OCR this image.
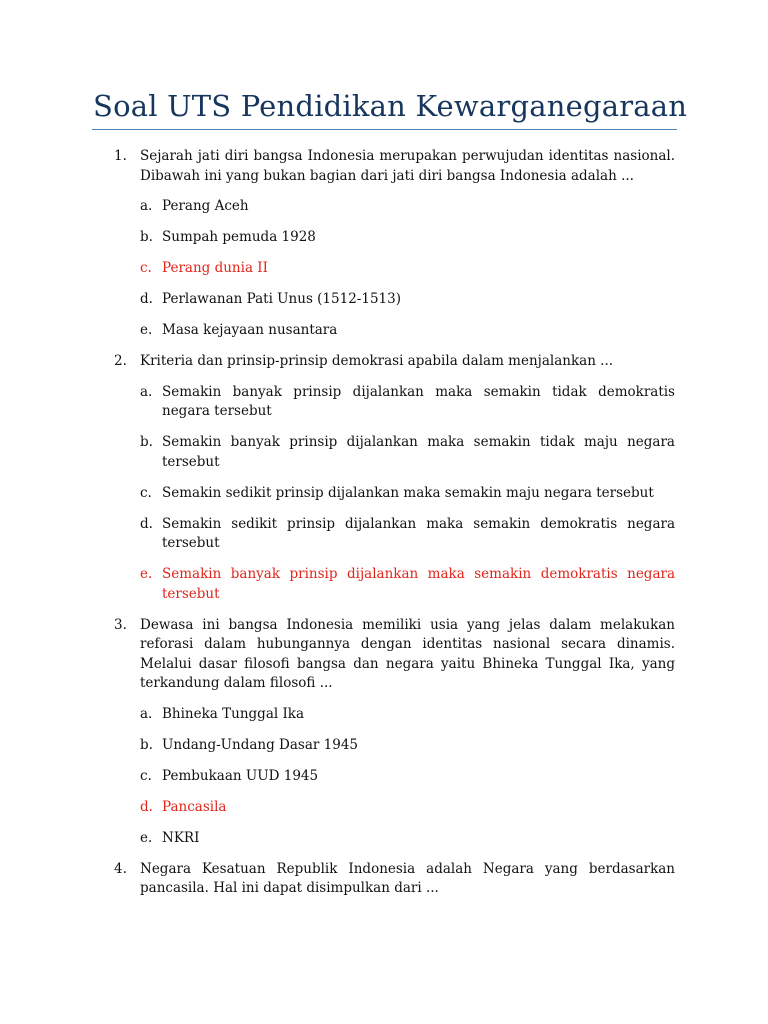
Soal UTS Pendidikan Kewarganegaraan
1. Sejarah jati diri bangsa Indonesia merupakan perwujudan identitas nasional. Dibawah ini yang bukan bagian dari jati diri bangsa Indonesia adalah ...
a. Perang Aceh
b. Sumpah pemuda 1928
c. Perang dunia II
d. Perlawanan Pati Unus (1512-1513)
e. Masa kejayaan nusantara
2. Kriteria dan prinsip-prinsip demokrasi apabila dalam menjalankan ...
a. Semakin banyak prinsip dijalankan maka semakin tidak demokratis negara tersebut
b. Semakin banyak prinsip dijalankan maka semakin tidak maju negara tersebut
c. Semakin sedikit prinsip dijalankan maka semakin maju negara tersebut
d. Semakin sedikit prinsip dijalankan maka semakin demokratis negara tersebut
e. Semakin banyak prinsip dijalankan maka semakin demokratis negara tersebut
3. Dewasa ini bangsa Indonesia memiliki usia yang jelas dalam melakukan reforasi dalam hubungannya dengan identitas nasional secara dinamis. Melalui dasar filosofi bangsa dan negara yaitu Bhineka Tunggal Ika, yang terkandung dalam filosofi ...
a. Bhineka Tunggal Ika
b. Undang-Undang Dasar 1945
c. Pembukaan UUD 1945
d. Pancasila
e. NKRI
4. Negara Kesatuan Republik Indonesia adalah Negara yang berdasarkan pancasila. Hal ini dapat disimpulkan dari ...
